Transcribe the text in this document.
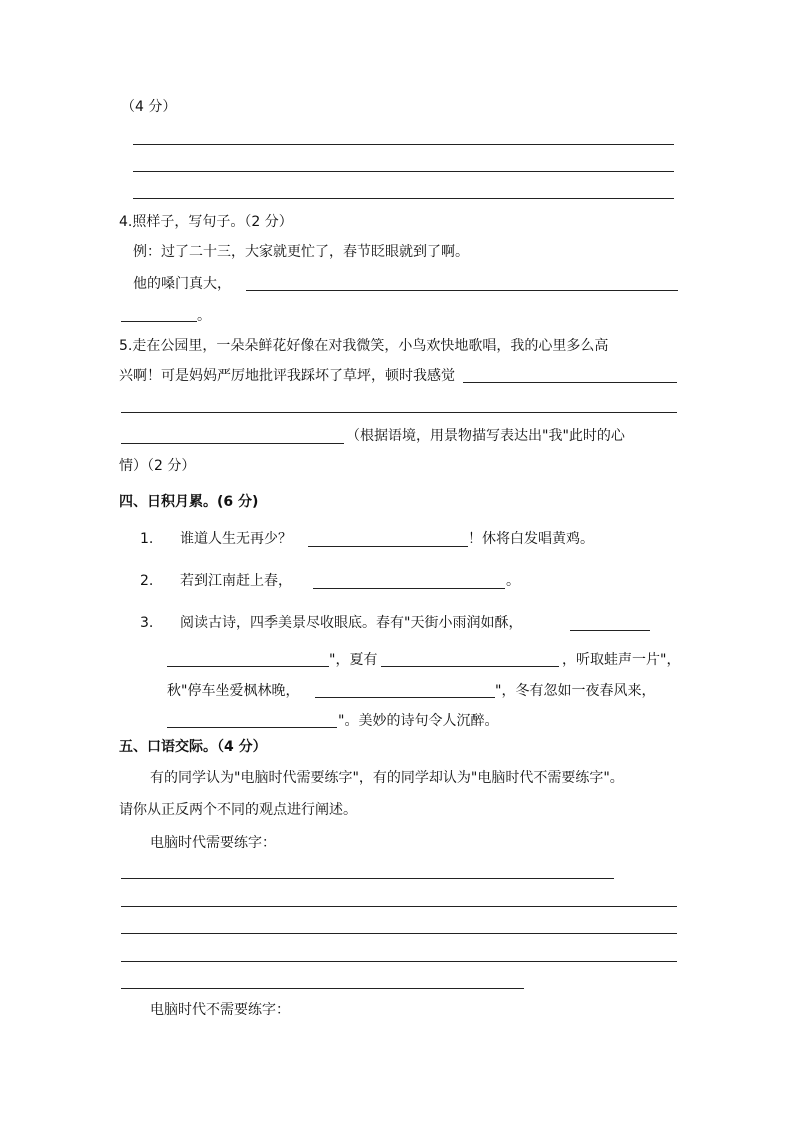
（4 分）
4.照样子，写句子。（2 分）
例：过了二十三，大家就更忙了，春节眨眼就到了啊。
他的嗓门真大，
。
5.走在公园里，一朵朵鲜花好像在对我微笑，小鸟欢快地歌唱，我的心里多么高
兴啊！可是妈妈严厉地批评我踩坏了草坪，顿时我感觉
（根据语境，用景物描写表达出"我"此时的心
情）（2 分）
四、日积月累。(6 分)
1. 谁道人生无再少？	！休将白发唱黄鸡。
2. 若到江南赶上春，	。
3. 阅读古诗，四季美景尽收眼底。春有"天街小雨润如酥，
"，夏有	，听取蛙声一片"，
秋"停车坐爱枫林晚，	"，冬有忽如一夜春风来，
"。美妙的诗句令人沉醉。
五、口语交际。（4 分）
有的同学认为"电脑时代需要练字"，有的同学却认为"电脑时代不需要练字"。
请你从正反两个不同的观点进行阐述。
电脑时代需要练字：
电脑时代不需要练字：
